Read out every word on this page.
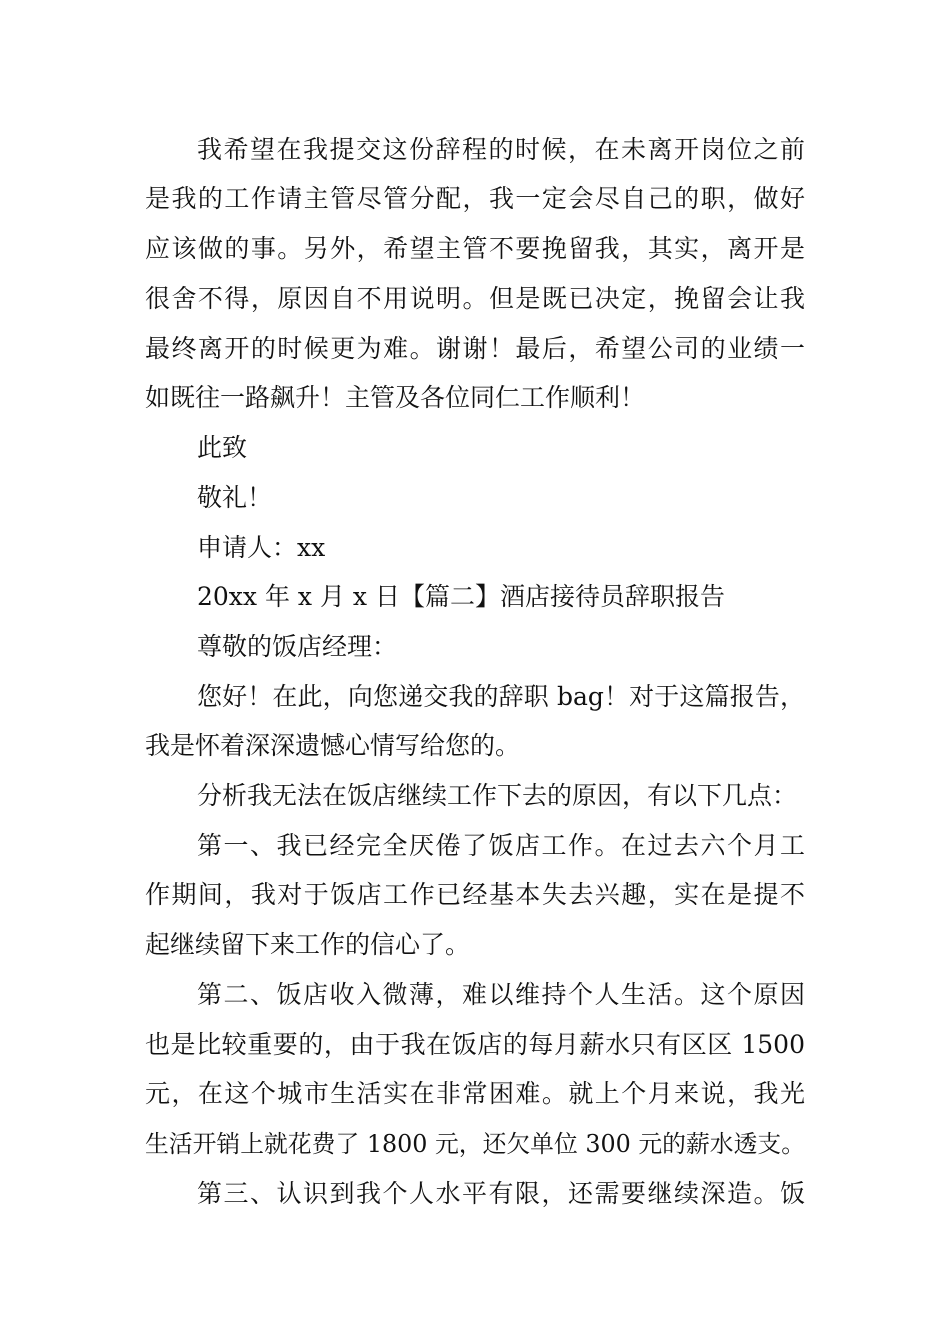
我希望在我提交这份辞程的时候，在未离开岗位之前
是我的工作请主管尽管分配，我一定会尽自己的职，做好
应该做的事。另外，希望主管不要挽留我，其实，离开是
很舍不得，原因自不用说明。但是既已决定，挽留会让我
最终离开的时候更为难。谢谢！最后，希望公司的业绩一
如既往一路飙升！主管及各位同仁工作顺利！
此致
敬礼！
申请人：xx
20xx 年 x 月 x 日【篇二】酒店接待员辞职报告
尊敬的饭店经理：
您好！在此，向您递交我的辞职 bag！对于这篇报告，
我是怀着深深遗憾心情写给您的。
分析我无法在饭店继续工作下去的原因，有以下几点：
第一、我已经完全厌倦了饭店工作。在过去六个月工
作期间，我对于饭店工作已经基本失去兴趣，实在是提不
起继续留下来工作的信心了。
第二、饭店收入微薄，难以维持个人生活。这个原因
也是比较重要的，由于我在饭店的每月薪水只有区区 1500
元，在这个城市生活实在非常困难。就上个月来说，我光
生活开销上就花费了 1800 元，还欠单位 300 元的薪水透支。
第三、认识到我个人水平有限，还需要继续深造。饭
